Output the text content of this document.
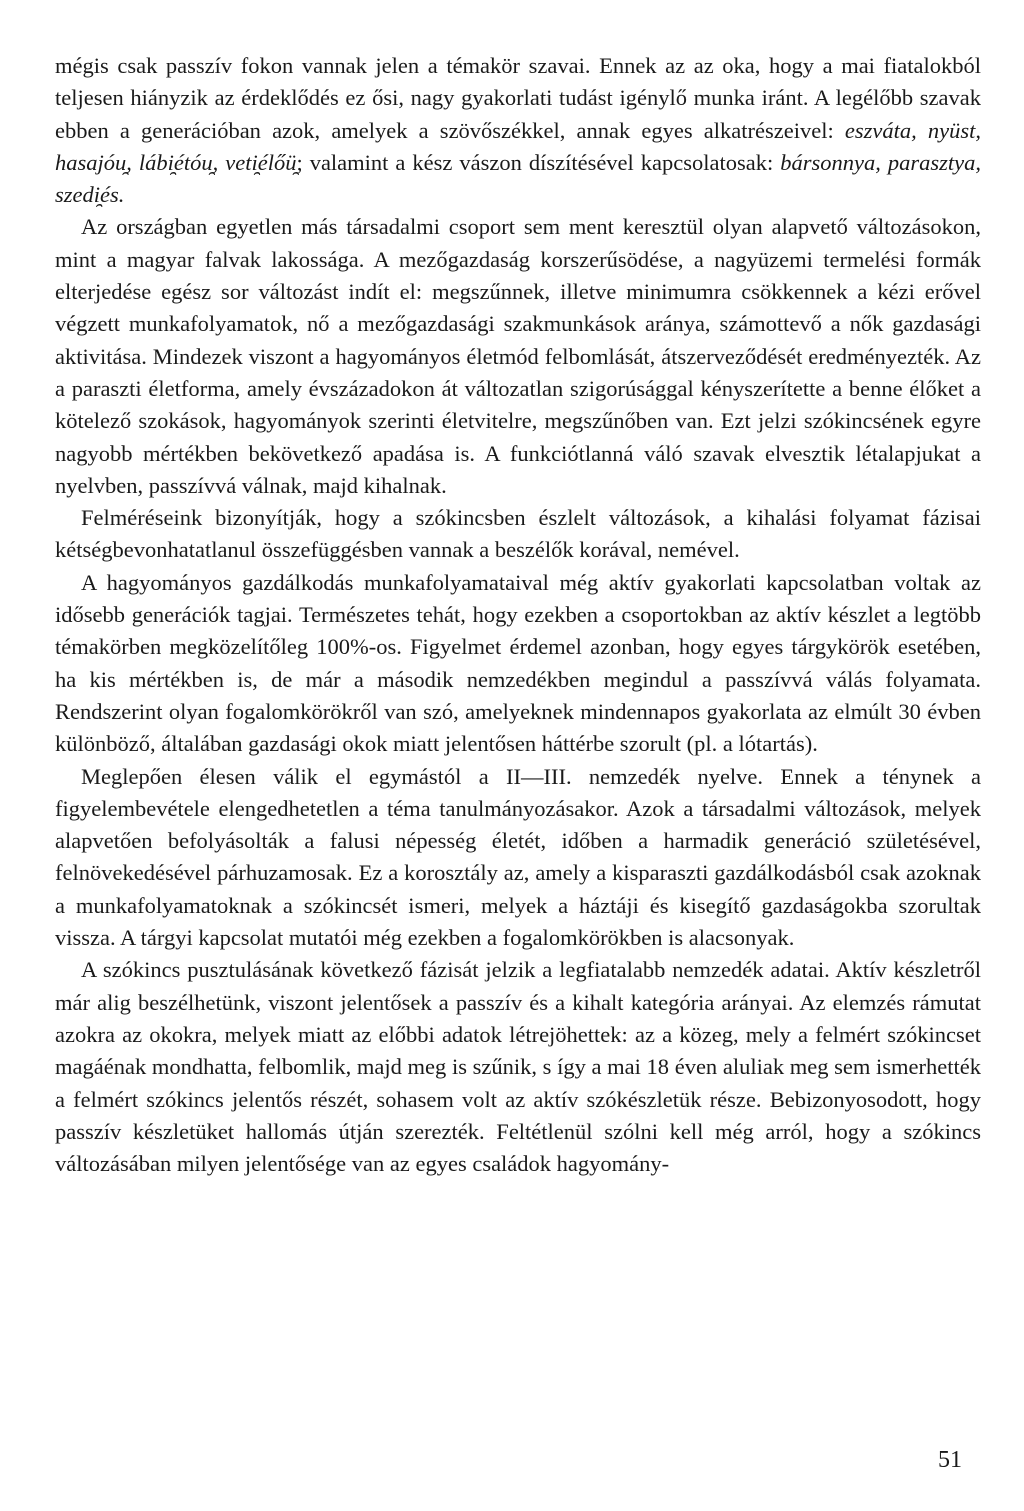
mégis csak passzív fokon vannak jelen a témakör szavai. Ennek az az oka, hogy a mai fiatalokból teljesen hiányzik az érdeklődés ez ősi, nagy gyakorlati tudást igénylő munka iránt. A legélőbb szavak ebben a generációban azok, amelyek a szövőszékkel, annak egyes alkatrészeivel: eszváta, nyüst, hasajóu̯, lábi̯étóu̯, veti̯élőü̯; valamint a kész vászon díszítésével kapcsolatosak: bársonnya, parasztya, szedi̯és.

Az országban egyetlen más társadalmi csoport sem ment keresztül olyan alapvető változásokon, mint a magyar falvak lakossága. A mezőgazdaság korszerűsödése, a nagyüzemi termelési formák elterjedése egész sor változást indít el: megszűnnek, illetve minimumra csökkennek a kézi erővel végzett munkafolyamatok, nő a mezőgazdasági szakmunkások aránya, számottevő a nők gazdasági aktivitása. Mindezek viszont a hagyományos életmód felbomlását, átszerveződését eredményezték. Az a paraszti életforma, amely évszázadokon át változatlan szigorúsággal kényszerítette a benne élőket a kötelező szokások, hagyományok szerinti életvitelre, megszűnőben van. Ezt jelzi szókincsének egyre nagyobb mértékben bekövetkező apadása is. A funkciótlanná váló szavak elvesztik létalapjukat a nyelvben, passzívvá válnak, majd kihalnak.

Felméréseink bizonyítják, hogy a szókincsben észlelt változások, a kihalási folyamat fázisai kétségbevonhatatlanul összefüggésben vannak a beszélők korával, nemével.

A hagyományos gazdálkodás munkafolyamataival még aktív gyakorlati kapcsolatban voltak az idősebb generációk tagjai. Természetes tehát, hogy ezekben a csoportokban az aktív készlet a legtöbb témakörben megközelítőleg 100%-os. Figyelmet érdemel azonban, hogy egyes tárgykörök esetében, ha kis mértékben is, de már a második nemzedékben megindul a passzívvá válás folyamata. Rendszerint olyan fogalomkörökről van szó, amelyeknek mindennapos gyakorlata az elmúlt 30 évben különböző, általában gazdasági okok miatt jelentősen háttérbe szorult (pl. a lótartás).

Meglepően élesen válik el egymástól a II—III. nemzedék nyelve. Ennek a ténynek a figyelembevétele elengedhetetlen a téma tanulmányozásakor. Azok a társadalmi változások, melyek alapvetően befolyásolták a falusi népesség életét, időben a harmadik generáció születésével, felnövekedésével párhuzamosak. Ez a korosztály az, amely a kisparaszti gazdálkodásból csak azoknak a munkafolyamatoknak a szókincsét ismeri, melyek a háztáji és kisegítő gazdaságokba szorultak vissza. A tárgyi kapcsolat mutatói még ezekben a fogalomkörökben is alacsonyak.

A szókincs pusztulásának következő fázisát jelzik a legfiatalabb nemzedék adatai. Aktív készletről már alig beszélhetünk, viszont jelentősek a passzív és a kihalt kategória arányai. Az elemzés rámutat azokra az okokra, melyek miatt az előbbi adatok létrejöhettek: az a közeg, mely a felmért szókincset magáénak mondhatta, felbomlik, majd meg is szűnik, s így a mai 18 éven aluliak meg sem ismerhették a felmért szókincs jelentős részét, sohasem volt az aktív szókészletük része. Bebizonyosodott, hogy passzív készletüket hallomás útján szerezték. Feltétlenül szólni kell még arról, hogy a szókincs változásában milyen jelentősége van az egyes családok hagyomány-

51
